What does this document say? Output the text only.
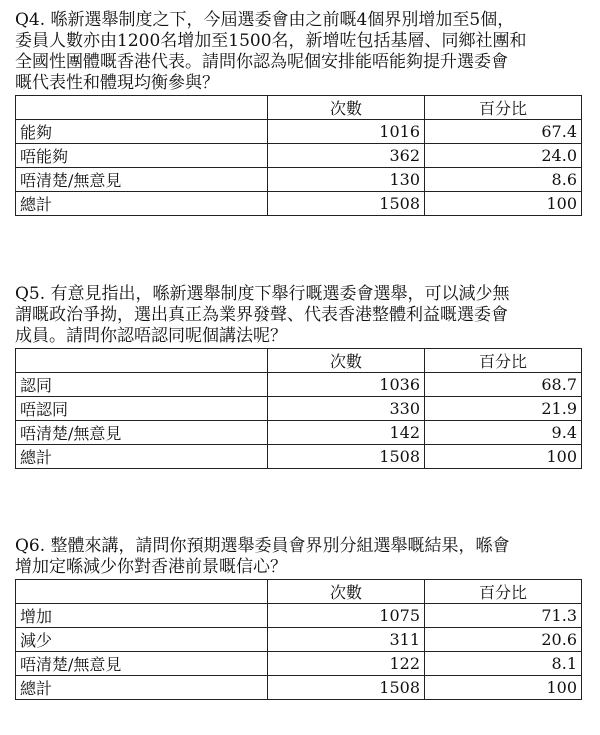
Q4. 喺新選舉制度之下，今屆選委會由之前嘅4個界別增加至5個，
委員人數亦由1200名增加至1500名，新增咗包括基層、同鄉社團和
全國性團體嘅香港代表。請問你認為呢個安排能唔能夠提升選委會
嘅代表性和體現均衡參與？

	次數	百分比
能夠	1016	67.4
唔能夠	362	24.0
唔清楚/無意見	130	8.6
總計	1508	100

Q5. 有意見指出，喺新選舉制度下舉行嘅選委會選舉，可以減少無
謂嘅政治爭拗，選出真正為業界發聲、代表香港整體利益嘅選委會
成員。請問你認唔認同呢個講法呢？

	次數	百分比
認同	1036	68.7
唔認同	330	21.9
唔清楚/無意見	142	9.4
總計	1508	100

Q6. 整體來講，請問你預期選舉委員會界別分組選舉嘅結果，喺會
增加定喺減少你對香港前景嘅信心？

	次數	百分比
增加	1075	71.3
減少	311	20.6
唔清楚/無意見	122	8.1
總計	1508	100
